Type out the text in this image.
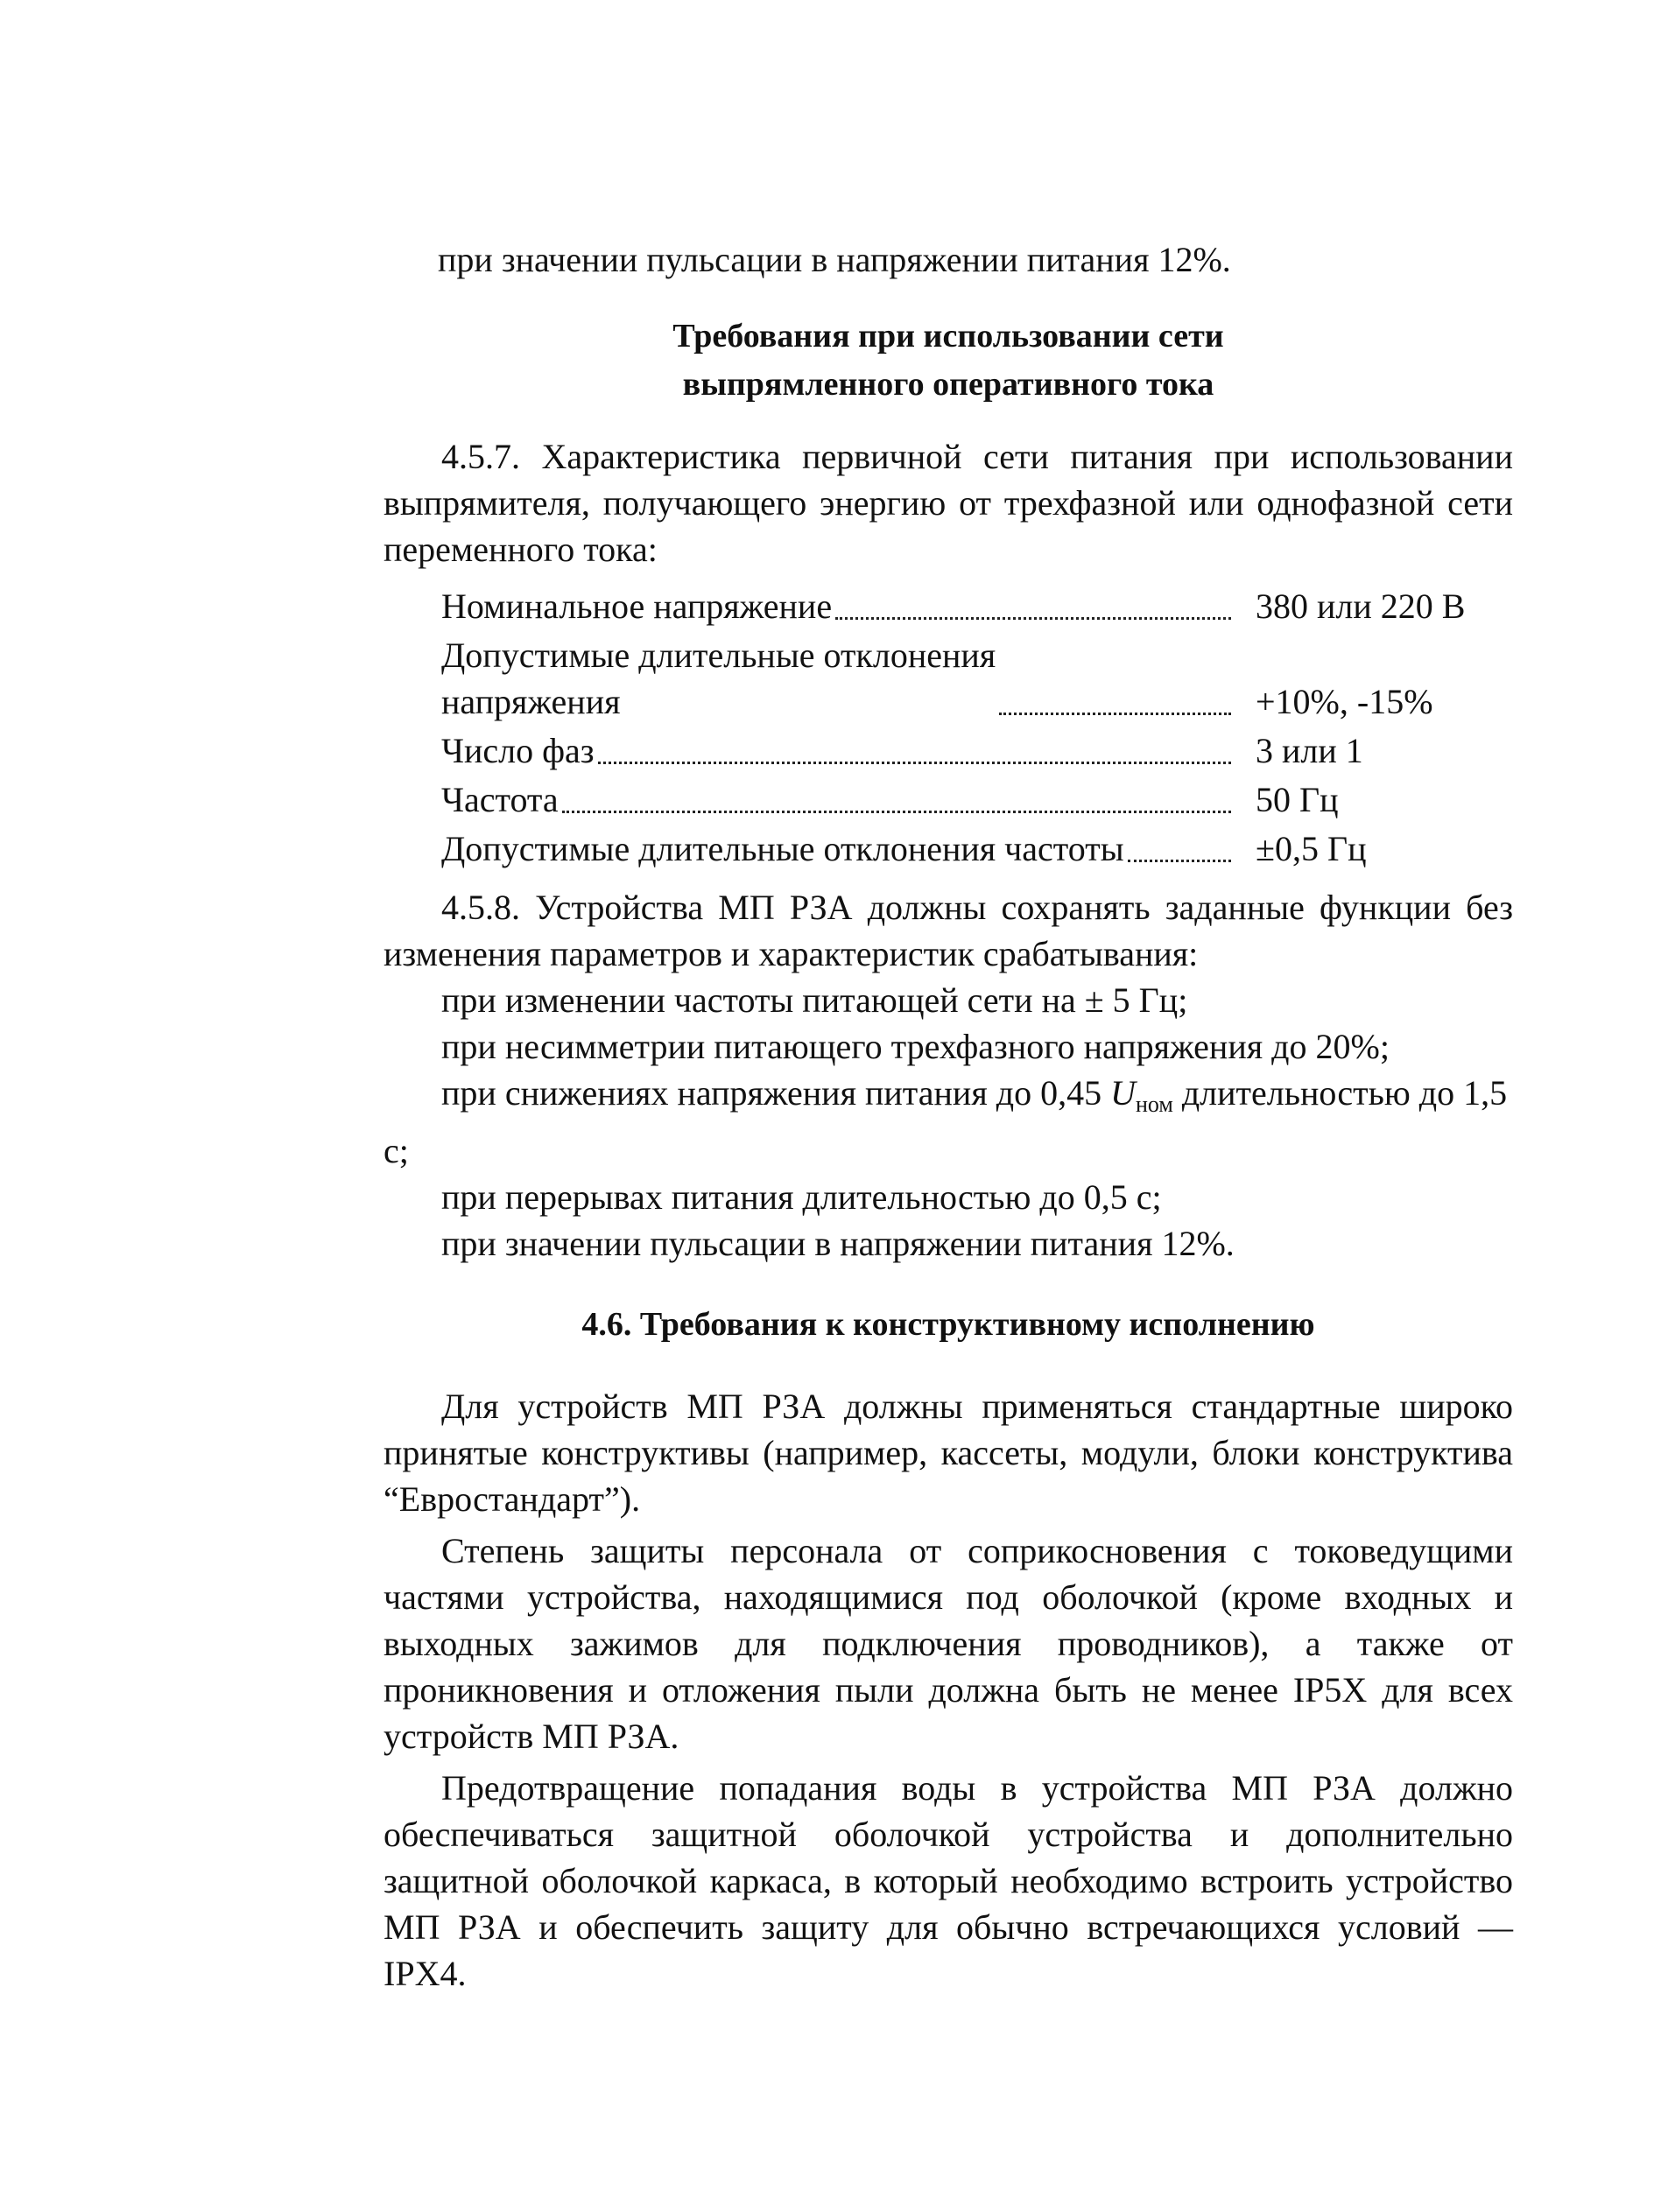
при значении пульсации в напряжении питания 12%.

Требования при использовании сети
выпрямленного оперативного тока

4.5.7. Характеристика первичной сети питания при использовании выпрямителя, получающего энергию от трехфазной или однофазной сети переменного тока:

Номинальное напряжение	380 или 220 В
Допустимые длительные отклонения
напряжения	+10%, -15%
Число фаз	3 или 1
Частота	50 Гц
Допустимые длительные отклонения частоты	±0,5 Гц

4.5.8. Устройства МП РЗА должны сохранять заданные функции без изменения параметров и характеристик срабатывания:

при изменении частоты питающей сети на ± 5 Гц;

при несимметрии питающего трехфазного напряжения до 20%;

при снижениях напряжения питания до 0,45 $U_{ном}$ длительностью до 1,5 с;

при перерывах питания длительностью до 0,5 с;

при значении пульсации в напряжении питания 12%.

4.6. Требования к конструктивному исполнению

Для устройств МП РЗА должны применяться стандартные широко принятые конструктивы (например, кассеты, модули, блоки конструктива “Евростандарт”).

Степень защиты персонала от соприкосновения с токоведущими частями устройства, находящимися под оболочкой (кроме входных и выходных зажимов для подключения проводников), а также от проникновения и отложения пыли должна быть не менее IP5X для всех устройств МП РЗА.

Предотвращение попадания воды в устройства МП РЗА должно обеспечиваться защитной оболочкой устройства и дополнительно защитной оболочкой каркаса, в который необходимо встроить устройство МП РЗА и обеспечить защиту для обычно встречающихся условий — IPX4.
